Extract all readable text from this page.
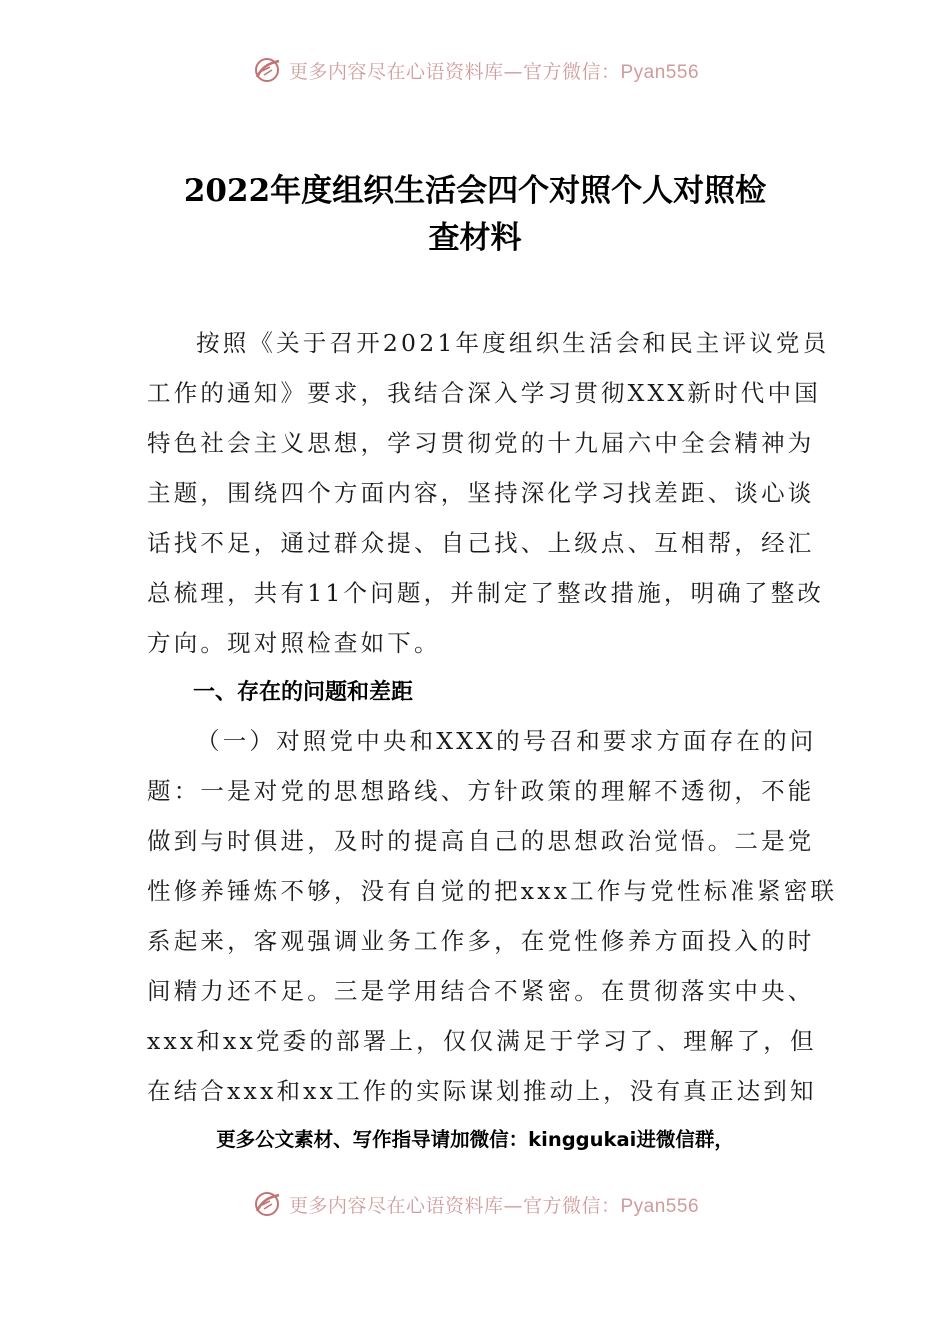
更多内容尽在心语资料库—官方微信：Pyan556
2022年度组织生活会四个对照个人对照检
查材料
按照《关于召开2021年度组织生活会和民主评议党员
工作的通知》要求，我结合深入学习贯彻XXX新时代中国
特色社会主义思想，学习贯彻党的十九届六中全会精神为
主题，围绕四个方面内容，坚持深化学习找差距、谈心谈
话找不足，通过群众提、自己找、上级点、互相帮，经汇
总梳理，共有11个问题，并制定了整改措施，明确了整改
方向。现对照检查如下。
一、存在的问题和差距
（一）对照党中央和XXX的号召和要求方面存在的问
题：一是对党的思想路线、方针政策的理解不透彻，不能
做到与时俱进，及时的提高自己的思想政治觉悟。二是党
性修养锤炼不够，没有自觉的把xxx工作与党性标准紧密联
系起来，客观强调业务工作多，在党性修养方面投入的时
间精力还不足。三是学用结合不紧密。在贯彻落实中央、
xxx和xx党委的部署上，仅仅满足于学习了、理解了，但
在结合xxx和xx工作的实际谋划推动上，没有真正达到知
更多公文素材、写作指导请加微信：kinggukai进微信群，
更多内容尽在心语资料库—官方微信：Pyan556
